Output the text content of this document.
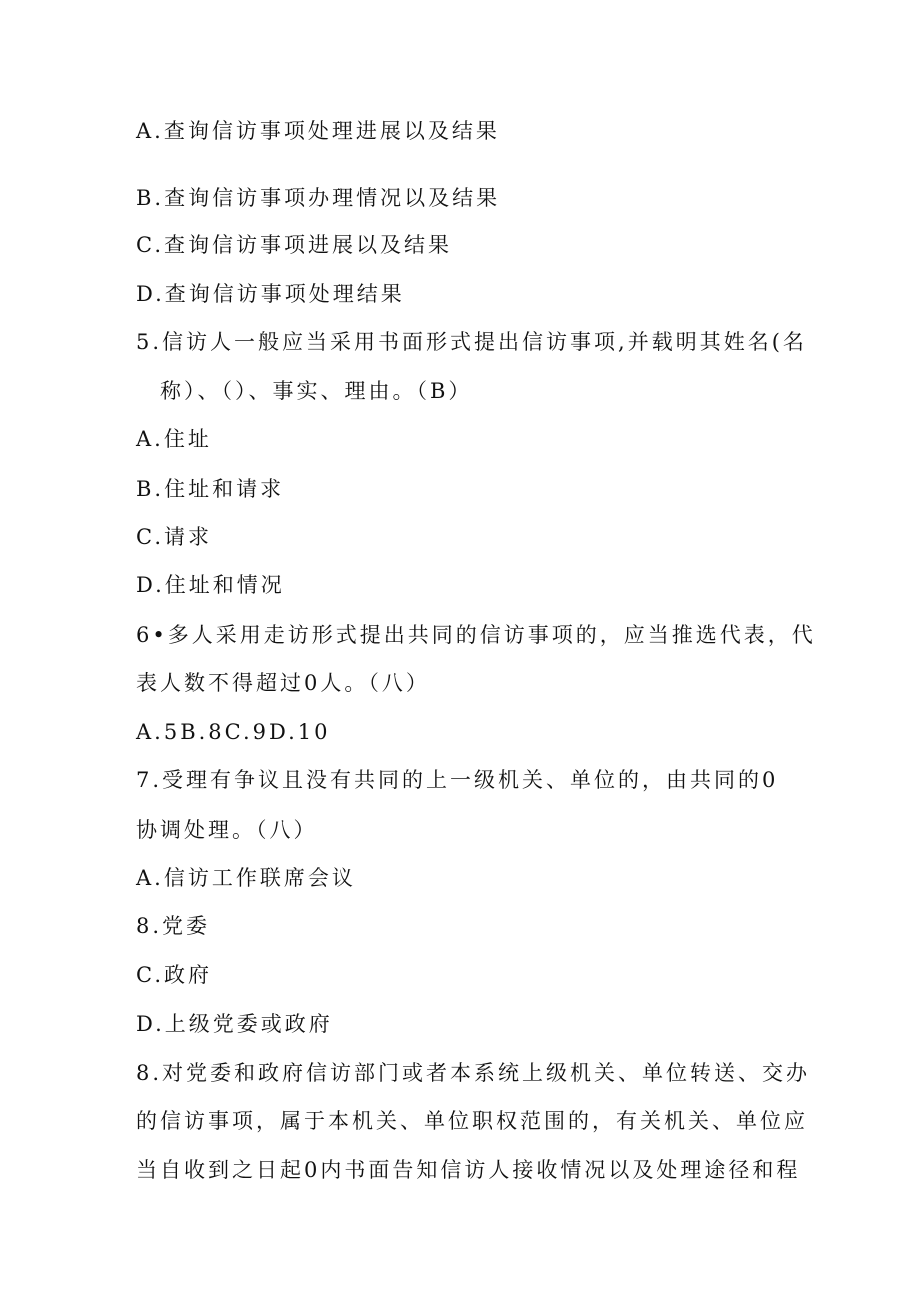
A.查询信访事项处理进展以及结果
B.查询信访事项办理情况以及结果
C.查询信访事项进展以及结果
D.查询信访事项处理结果
5.信访人一般应当采用书面形式提出信访事项,并载明其姓名(名
称）、（）、事实、理由。（B）
A.住址
B.住址和请求
C.请求
D.住址和情况
6•多人采用走访形式提出共同的信访事项的，应当推选代表，代
表人数不得超过0人。（八）
A.5B.8C.9D.10
7.受理有争议且没有共同的上一级机关、单位的，由共同的0
协调处理。（八）
A.信访工作联席会议
8.党委
C.政府
D.上级党委或政府
8.对党委和政府信访部门或者本系统上级机关、单位转送、交办
的信访事项，属于本机关、单位职权范围的，有关机关、单位应
当自收到之日起0内书面告知信访人接收情况以及处理途径和程
